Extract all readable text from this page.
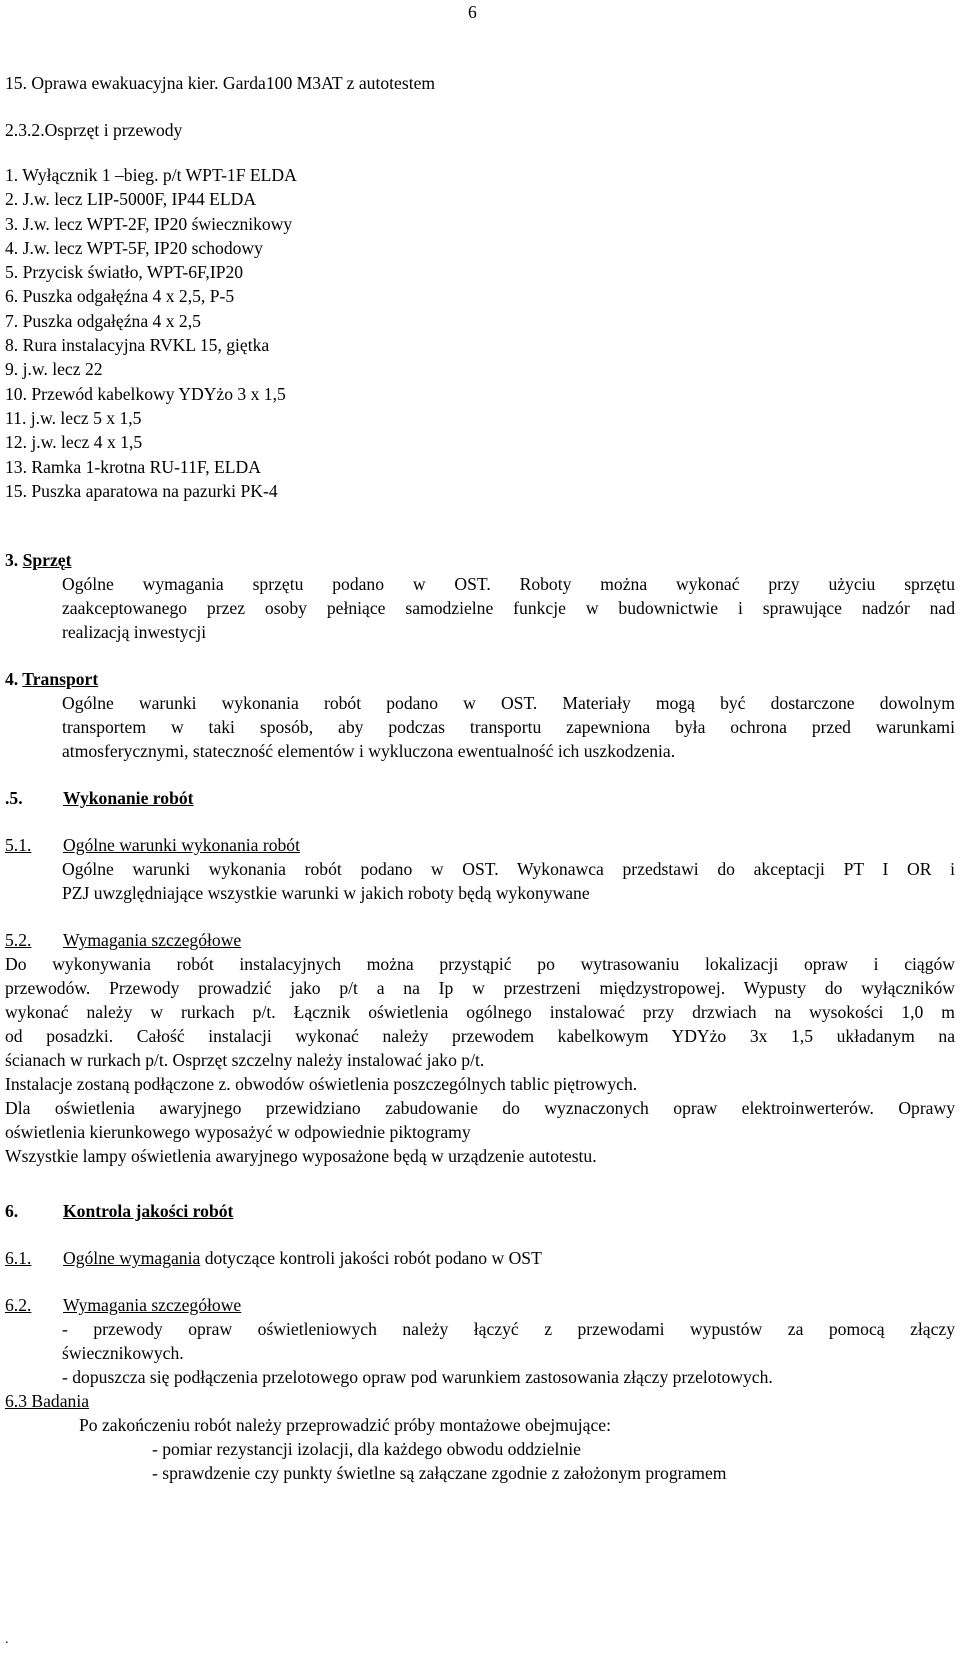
6
15. Oprawa ewakuacyjna kier. Garda100 M3AT z autotestem
2.3.2.Osprzęt i przewody
1. Wyłącznik 1 –bieg. p/t WPT-1F ELDA
2. J.w. lecz LIP-5000F, IP44 ELDA
3. J.w. lecz WPT-2F, IP20 świecznikowy
4. J.w. lecz WPT-5F, IP20 schodowy
5. Przycisk światło, WPT-6F,IP20
6. Puszka odgałęźna 4 x 2,5, P-5
7. Puszka odgałęźna 4 x 2,5
8. Rura instalacyjna RVKL 15, giętka
9. j.w. lecz 22
10. Przewód kabelkowy YDYżo 3 x 1,5
11. j.w. lecz 5 x 1,5
12. j.w. lecz 4 x 1,5
13. Ramka 1-krotna RU-11F, ELDA
15. Puszka aparatowa na pazurki PK-4
3. Sprzęt
Ogólne wymagania sprzętu podano w OST. Roboty można wykonać przy użyciu sprzętu
zaakceptowanego przez osoby pełniące samodzielne funkcje w budownictwie i sprawujące nadzór nad
realizacją inwestycji
4. Transport
Ogólne warunki wykonania robót podano w OST. Materiały mogą być dostarczone dowolnym
transportem w taki sposób, aby podczas transportu zapewniona była ochrona przed warunkami
atmosferycznymi, stateczność elementów i wykluczona ewentualność ich uszkodzenia.
.5. Wykonanie robót
5.1. Ogólne warunki wykonania robót
Ogólne warunki wykonania robót podano w OST. Wykonawca przedstawi do akceptacji PT I OR i
PZJ uwzględniające wszystkie warunki w jakich roboty będą wykonywane
5.2. Wymagania szczegółowe
Do wykonywania robót instalacyjnych można przystąpić po wytrasowaniu lokalizacji opraw i ciągów
przewodów. Przewody prowadzić jako p/t a na Ip w przestrzeni międzystropowej. Wypusty do wyłączników
wykonać należy w rurkach p/t. Łącznik oświetlenia ogólnego instalować przy drzwiach na wysokości 1,0 m
od posadzki. Całość instalacji wykonać należy przewodem kabelkowym YDYżo 3x 1,5 układanym na
ścianach w rurkach p/t. Osprzęt szczelny należy instalować jako p/t.
Instalacje zostaną podłączone z. obwodów oświetlenia poszczególnych tablic piętrowych.
Dla oświetlenia awaryjnego przewidziano zabudowanie do wyznaczonych opraw elektroinwerterów. Oprawy
oświetlenia kierunkowego wyposażyć w odpowiednie piktogramy
Wszystkie lampy oświetlenia awaryjnego wyposażone będą w urządzenie autotestu.
6.	Kontrola jakości robót
6.1. Ogólne wymagania dotyczące kontroli jakości robót podano w OST
6.2. Wymagania szczegółowe
- przewody opraw oświetleniowych należy łączyć z przewodami wypustów za pomocą złączy
świecznikowych.
- dopuszcza się podłączenia przelotowego opraw pod warunkiem zastosowania złączy przelotowych.
6.3 Badania
Po zakończeniu robót należy przeprowadzić próby montażowe obejmujące:
- pomiar rezystancji izolacji, dla każdego obwodu oddzielnie
- sprawdzenie czy punkty świetlne są załączane zgodnie z założonym programem
.
